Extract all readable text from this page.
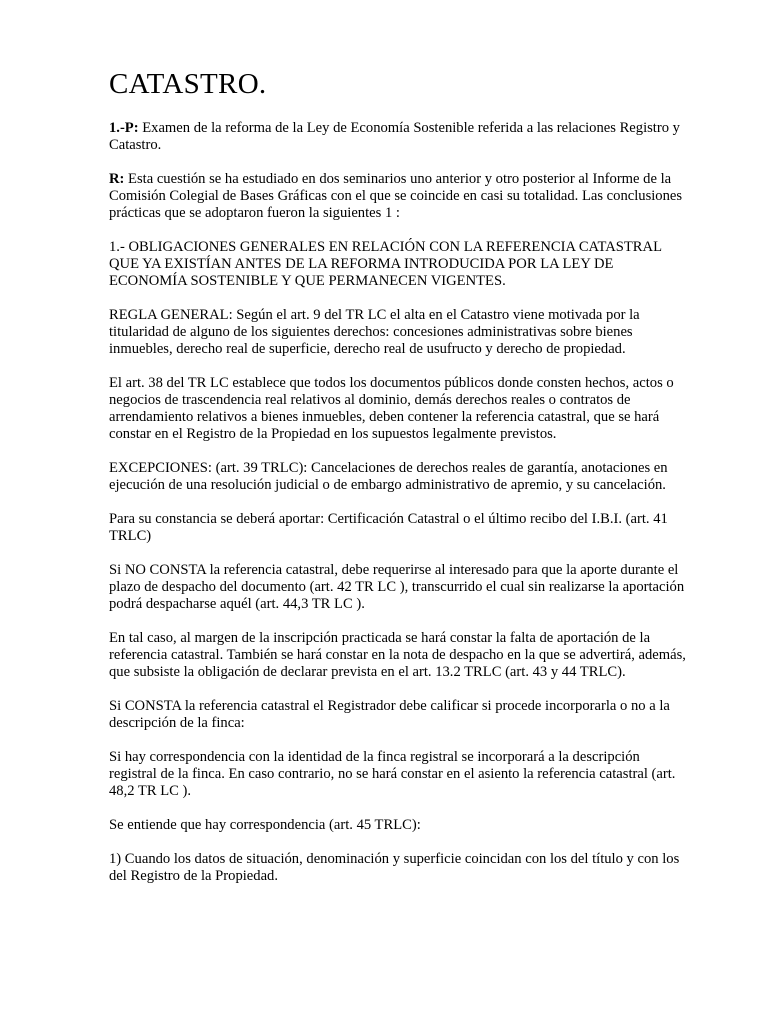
CATASTRO.

1.-P: Examen de la reforma de la Ley de Economía Sostenible referida a las relaciones Registro y Catastro.

R: Esta cuestión se ha estudiado en dos seminarios uno anterior y otro posterior al Informe de la Comisión Colegial de Bases Gráficas con el que se coincide en casi su totalidad. Las conclusiones prácticas que se adoptaron fueron la siguientes 1 :

1.- OBLIGACIONES GENERALES EN RELACIÓN CON LA REFERENCIA CATASTRAL QUE YA EXISTÍAN ANTES DE LA REFORMA INTRODUCIDA POR LA LEY DE ECONOMÍA SOSTENIBLE Y QUE PERMANECEN VIGENTES.

REGLA GENERAL: Según el art. 9 del TR LC el alta en el Catastro viene motivada por la titularidad de alguno de los siguientes derechos: concesiones administrativas sobre bienes inmuebles, derecho real de superficie, derecho real de usufructo y derecho de propiedad.

El art. 38 del TR LC establece que todos los documentos públicos donde consten hechos, actos o negocios de trascendencia real relativos al dominio, demás derechos reales o contratos de arrendamiento relativos a bienes inmuebles, deben contener la referencia catastral, que se hará constar en el Registro de la Propiedad en los supuestos legalmente previstos.

EXCEPCIONES: (art. 39 TRLC): Cancelaciones de derechos reales de garantía, anotaciones en ejecución de una resolución judicial o de embargo administrativo de apremio, y su cancelación.

Para su constancia se deberá aportar: Certificación Catastral o el último recibo del I.B.I. (art. 41 TRLC)

Si NO CONSTA la referencia catastral, debe requerirse al interesado para que la aporte durante el plazo de despacho del documento (art. 42 TR LC ), transcurrido el cual sin realizarse la aportación podrá despacharse aquél (art. 44,3 TR LC ).

En tal caso, al margen de la inscripción practicada se hará constar la falta de aportación de la referencia catastral. También se hará constar en la nota de despacho en la que se advertirá, además, que subsiste la obligación de declarar prevista en el art. 13.2 TRLC (art. 43 y 44 TRLC).

Si CONSTA la referencia catastral el Registrador debe calificar si procede incorporarla o no a la descripción de la finca:

Si hay correspondencia con la identidad de la finca registral se incorporará a la descripción registral de la finca. En caso contrario, no se hará constar en el asiento la referencia catastral (art. 48,2 TR LC ).

Se entiende que hay correspondencia (art. 45 TRLC):

1) Cuando los datos de situación, denominación y superficie coincidan con los del título y con los del Registro de la Propiedad.
